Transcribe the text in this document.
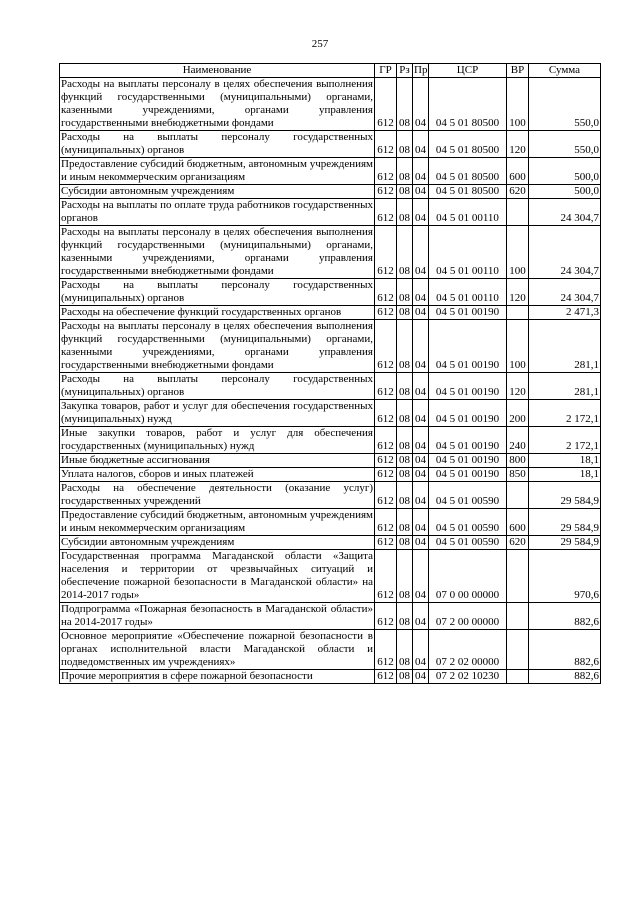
257
Наименование	ГР	Рз	Пр	ЦСР	ВР	Сумма
Расходы на выплаты персоналу в целях обеспечения выполнения функций государственными (муниципальными) органами, казенными учреждениями, органами управления государственными внебюджетными фондами	612	08	04	04 5 01 80500	100	550,0
Расходы на выплаты персоналу государственных (муниципальных) органов	612	08	04	04 5 01 80500	120	550,0
Предоставление субсидий бюджетным, автономным учреждениям и иным некоммерческим организациям	612	08	04	04 5 01 80500	600	500,0
Субсидии автономным учреждениям	612	08	04	04 5 01 80500	620	500,0
Расходы на выплаты по оплате труда работников государственных органов	612	08	04	04 5 01 00110		24 304,7
Расходы на выплаты персоналу в целях обеспечения выполнения функций государственными (муниципальными) органами, казенными учреждениями, органами управления государственными внебюджетными фондами	612	08	04	04 5 01 00110	100	24 304,7
Расходы на выплаты персоналу государственных (муниципальных) органов	612	08	04	04 5 01 00110	120	24 304,7
Расходы на обеспечение функций государственных органов	612	08	04	04 5 01 00190		2 471,3
Расходы на выплаты персоналу в целях обеспечения выполнения функций государственными (муниципальными) органами, казенными учреждениями, органами управления государственными внебюджетными фондами	612	08	04	04 5 01 00190	100	281,1
Расходы на выплаты персоналу государственных (муниципальных) органов	612	08	04	04 5 01 00190	120	281,1
Закупка товаров, работ и услуг для обеспечения государственных (муниципальных) нужд	612	08	04	04 5 01 00190	200	2 172,1
Иные закупки товаров, работ и услуг для обеспечения государственных (муниципальных) нужд	612	08	04	04 5 01 00190	240	2 172,1
Иные бюджетные ассигнования	612	08	04	04 5 01 00190	800	18,1
Уплата налогов, сборов и иных платежей	612	08	04	04 5 01 00190	850	18,1
Расходы на обеспечение деятельности (оказание услуг) государственных учреждений	612	08	04	04 5 01 00590		29 584,9
Предоставление субсидий бюджетным, автономным учреждениям и иным некоммерческим организациям	612	08	04	04 5 01 00590	600	29 584,9
Субсидии автономным учреждениям	612	08	04	04 5 01 00590	620	29 584,9
Государственная программа Магаданской области «Защита населения и территории от чрезвычайных ситуаций и обеспечение пожарной безопасности в Магаданской области» на 2014-2017 годы»	612	08	04	07 0 00 00000		970,6
Подпрограмма «Пожарная безопасность в Магаданской области» на 2014-2017 годы»	612	08	04	07 2 00 00000		882,6
Основное мероприятие «Обеспечение пожарной безопасности в органах исполнительной власти Магаданской области и подведомственных им учреждениях»	612	08	04	07 2 02 00000		882,6
Прочие мероприятия в сфере пожарной безопасности	612	08	04	07 2 02 10230		882,6
